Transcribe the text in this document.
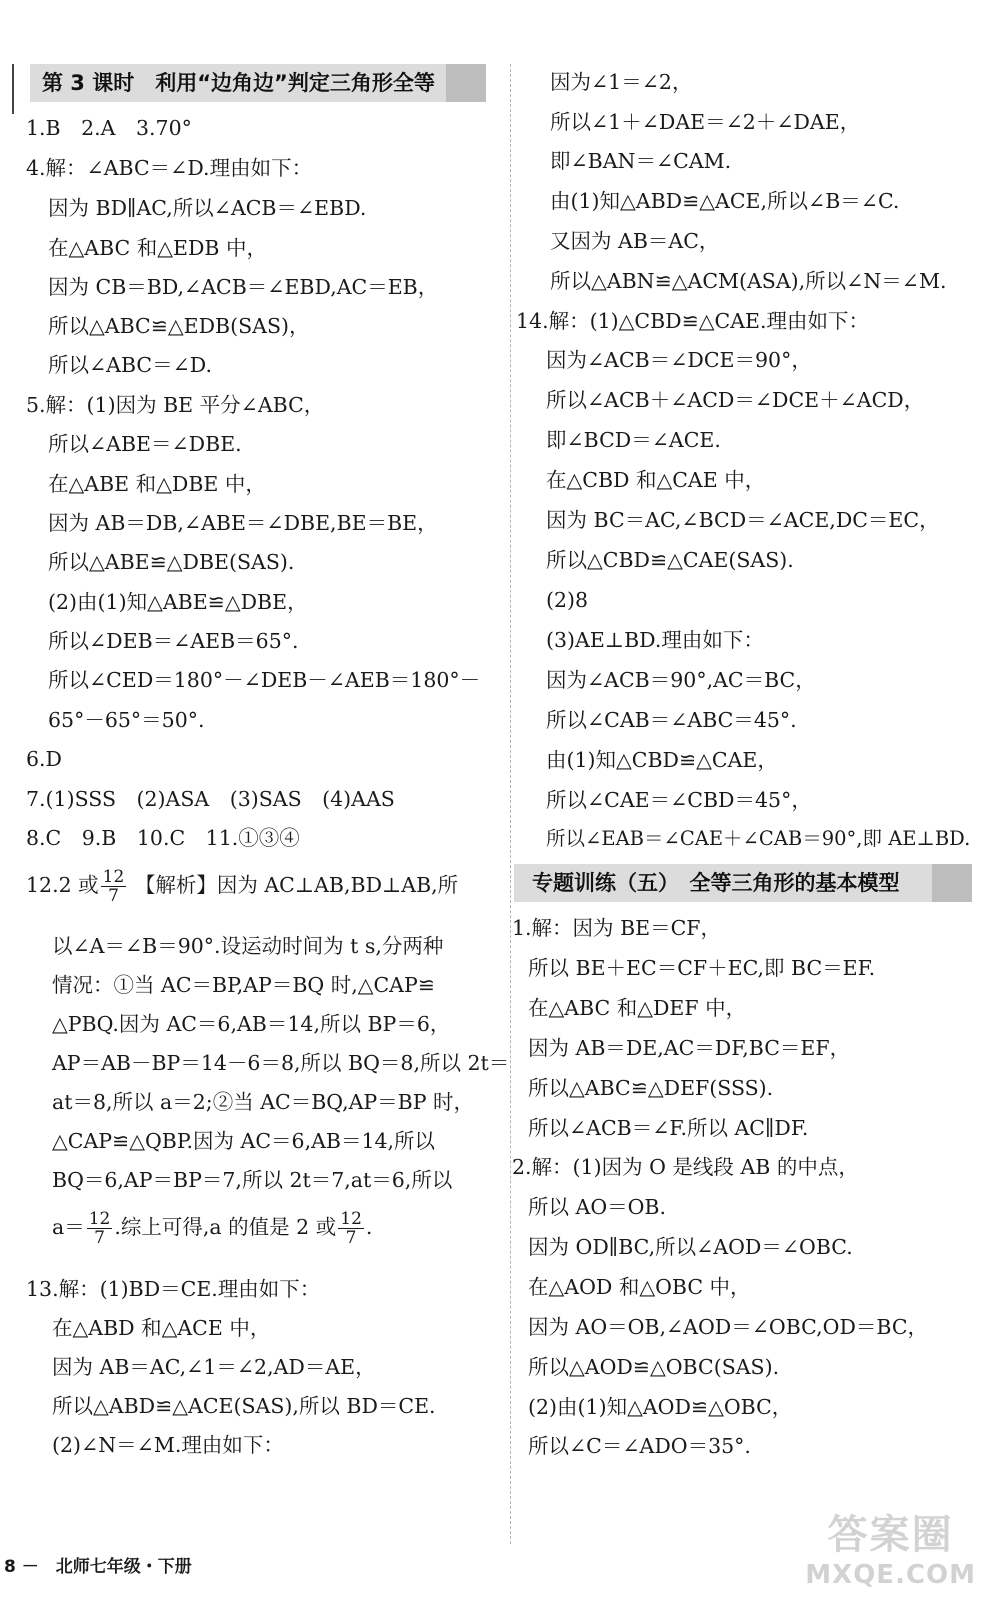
第 3 课时　利用“边角边”判定三角形全等
1.B　2.A　3.70°
4.解：∠ABC＝∠D.理由如下：
因为 BD∥AC,所以∠ACB＝∠EBD.
在△ABC 和△EDB 中，
因为 CB＝BD,∠ACB＝∠EBD,AC＝EB，
所以△ABC≌△EDB(SAS)，
所以∠ABC＝∠D.
5.解：(1)因为 BE 平分∠ABC，
所以∠ABE＝∠DBE.
在△ABE 和△DBE 中，
因为 AB＝DB,∠ABE＝∠DBE,BE＝BE，
所以△ABE≌△DBE(SAS).
(2)由(1)知△ABE≌△DBE，
所以∠DEB＝∠AEB＝65°.
所以∠CED＝180°－∠DEB－∠AEB＝180°－
65°－65°＝50°.
6.D
7.(1)SSS　(2)ASA　(3)SAS　(4)AAS
8.C　9.B　10.C　11.①③④
12.2 或 $\frac{12}{7}$ 【解析】因为 AC⊥AB,BD⊥AB,所
以∠A＝∠B＝90°.设运动时间为 t s,分两种
情况：①当 AC＝BP,AP＝BQ 时,△CAP≌
△PBQ.因为 AC＝6,AB＝14,所以 BP＝6，
AP＝AB－BP＝14－6＝8,所以 BQ＝8,所以 2t＝
at＝8,所以 a＝2;②当 AC＝BQ,AP＝BP 时，
△CAP≌△QBP.因为 AC＝6,AB＝14,所以
BQ＝6,AP＝BP＝7,所以 2t＝7,at＝6,所以
$a= \frac{12}{7}$ .综上可得,a 的值是 2 或 $\frac{12}{7}$ .
13.解：(1)BD＝CE.理由如下：
在△ABD 和△ACE 中，
因为 AB＝AC,∠1＝∠2,AD＝AE，
所以△ABD≌△ACE(SAS),所以 BD＝CE.
(2)∠N＝∠M.理由如下：
因为∠1＝∠2，
所以∠1＋∠DAE＝∠2＋∠DAE，
即∠BAN＝∠CAM.
由(1)知△ABD≌△ACE,所以∠B＝∠C.
又因为 AB＝AC，
所以△ABN≌△ACM(ASA),所以∠N＝∠M.
14.解：(1)△CBD≌△CAE.理由如下：
因为∠ACB＝∠DCE＝90°，
所以∠ACB＋∠ACD＝∠DCE＋∠ACD，
即∠BCD＝∠ACE.
在△CBD 和△CAE 中，
因为 BC＝AC,∠BCD＝∠ACE,DC＝EC，
所以△CBD≌△CAE(SAS).
(2)8
(3)AE⊥BD.理由如下：
因为∠ACB＝90°,AC＝BC，
所以∠CAB＝∠ABC＝45°.
由(1)知△CBD≌△CAE，
所以∠CAE＝∠CBD＝45°，
所以∠EAB＝∠CAE＋∠CAB＝90°,即 AE⊥BD.
专题训练（五）　全等三角形的基本模型
1.解：因为 BE＝CF，
所以 BE＋EC＝CF＋EC,即 BC＝EF.
在△ABC 和△DEF 中，
因为 AB＝DE,AC＝DF,BC＝EF，
所以△ABC≌△DEF(SSS).
所以∠ACB＝∠F.所以 AC∥DF.
2.解：(1)因为 O 是线段 AB 的中点，
所以 AO＝OB.
因为 OD∥BC,所以∠AOD＝∠OBC.
在△AOD 和△OBC 中，
因为 AO＝OB,∠AOD＝∠OBC,OD＝BC，
所以△AOD≌△OBC(SAS).
(2)由(1)知△AOD≌△OBC，
所以∠C＝∠ADO＝35°.
8 －　北师七年级・下册
答案圈
MXQE.COM
